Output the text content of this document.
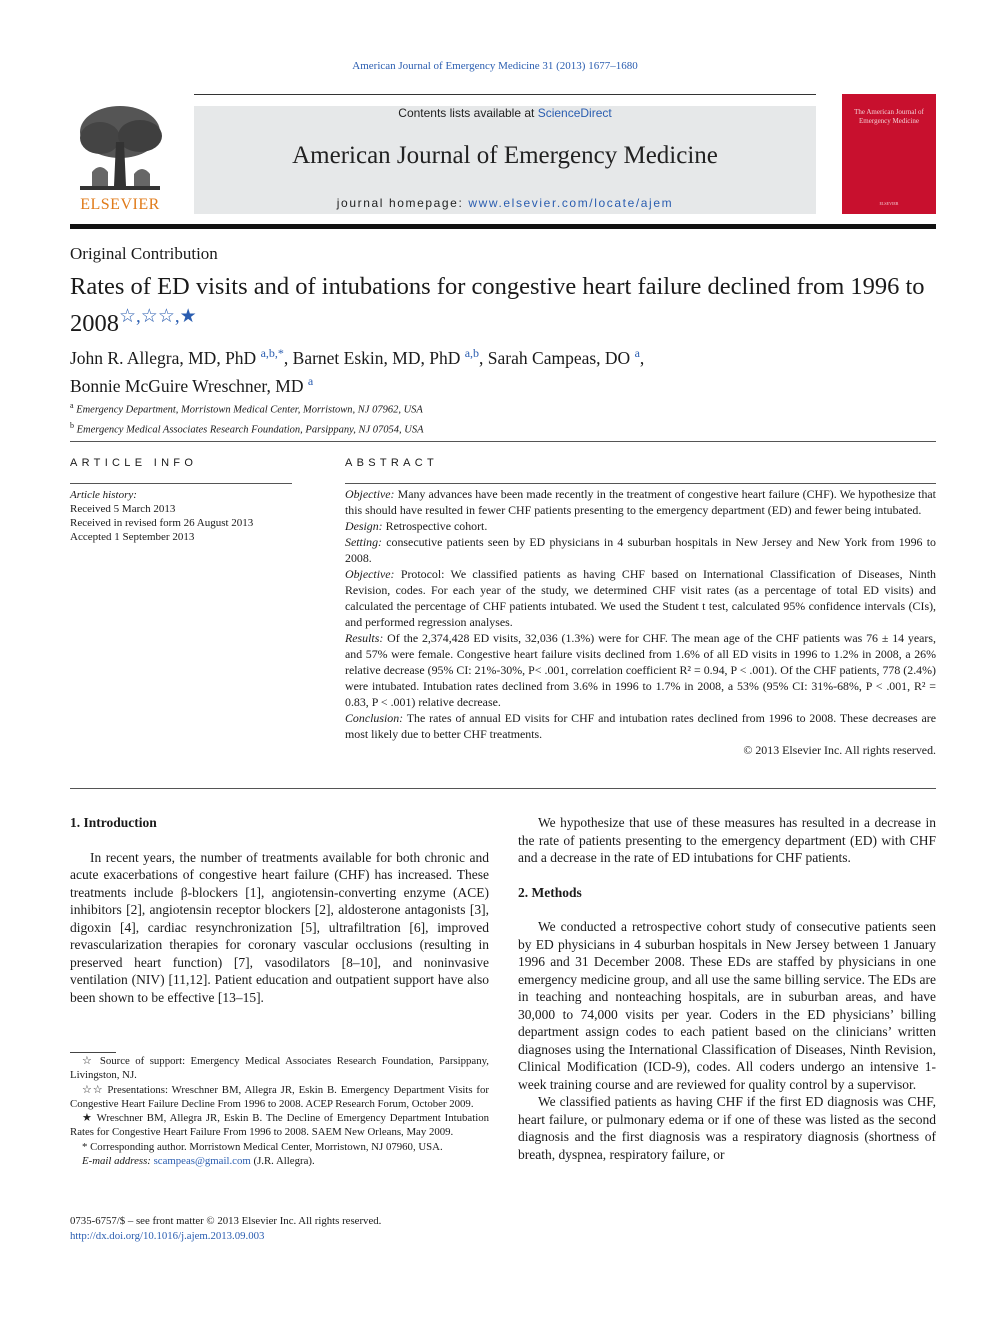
American Journal of Emergency Medicine 31 (2013) 1677–1680
ELSEVIER
Contents lists available at ScienceDirect
American Journal of Emergency Medicine
journal homepage: www.elsevier.com/locate/ajem
The American Journal of Emergency Medicine
ELSEVIER
Original Contribution
Rates of ED visits and of intubations for congestive heart failure declined from 1996 to 2008☆,☆☆,★
John R. Allegra, MD, PhD $^{a,b,*}$, Barnet Eskin, MD, PhD $^{a,b}$, Sarah Campeas, DO $^a$,
Bonnie McGuire Wreschner, MD $^a$
$^a$ Emergency Department, Morristown Medical Center, Morristown, NJ 07962, USA
$^b$ Emergency Medical Associates Research Foundation, Parsippany, NJ 07054, USA
ARTICLE INFO
Article history:
Received 5 March 2013
Received in revised form 26 August 2013
Accepted 1 September 2013
ABSTRACT

Objective: Many advances have been made recently in the treatment of congestive heart failure (CHF). We hypothesize that this should have resulted in fewer CHF patients presenting to the emergency department (ED) and fewer being intubated.

Design: Retrospective cohort.

Setting: consecutive patients seen by ED physicians in 4 suburban hospitals in New Jersey and New York from 1996 to 2008.

Objective: Protocol: We classified patients as having CHF based on International Classification of Diseases, Ninth Revision, codes. For each year of the study, we determined CHF visit rates (as a percentage of total ED visits) and calculated the percentage of CHF patients intubated. We used the Student t test, calculated 95% confidence intervals (CIs), and performed regression analyses.

Results: Of the 2,374,428 ED visits, 32,036 (1.3%) were for CHF. The mean age of the CHF patients was 76 ± 14 years, and 57% were female. Congestive heart failure visits declined from 1.6% of all ED visits in 1996 to 1.2% in 2008, a 26% relative decrease (95% CI: 21%-30%, P< .001, correlation coefficient R² = 0.94, P < .001). Of the CHF patients, 778 (2.4%) were intubated. Intubation rates declined from 3.6% in 1996 to 1.7% in 2008, a 53% (95% CI: 31%-68%, P < .001, R² = 0.83, P < .001) relative decrease.

Conclusion: The rates of annual ED visits for CHF and intubation rates declined from 1996 to 2008. These decreases are most likely due to better CHF treatments.

© 2013 Elsevier Inc. All rights reserved.

1. Introduction

In recent years, the number of treatments available for both chronic and acute exacerbations of congestive heart failure (CHF) has increased. These treatments include β-blockers [1], angiotensin-converting enzyme (ACE) inhibitors [2], angiotensin receptor blockers [2], aldosterone antagonists [3], digoxin [4], cardiac resynchronization [5], ultrafiltration [6], improved revascularization therapies for coronary vascular occlusions (resulting in preserved heart function) [7], vasodilators [8–10], and noninvasive ventilation (NIV) [11,12]. Patient education and outpatient support have also been shown to be effective [13–15].

☆ Source of support: Emergency Medical Associates Research Foundation, Parsippany, Livingston, NJ.

☆☆ Presentations: Wreschner BM, Allegra JR, Eskin B. Emergency Department Visits for Congestive Heart Failure Decline From 1996 to 2008. ACEP Research Forum, October 2009.

★ Wreschner BM, Allegra JR, Eskin B. The Decline of Emergency Department Intubation Rates for Congestive Heart Failure From 1996 to 2008. SAEM New Orleans, May 2009.

* Corresponding author. Morristown Medical Center, Morristown, NJ 07960, USA.

E-mail address: scampeas@gmail.com (J.R. Allegra).

0735-6757/$ – see front matter © 2013 Elsevier Inc. All rights reserved.
http://dx.doi.org/10.1016/j.ajem.2013.09.003

We hypothesize that use of these measures has resulted in a decrease in the rate of patients presenting to the emergency department (ED) with CHF and a decrease in the rate of ED intubations for CHF patients.

2. Methods

We conducted a retrospective cohort study of consecutive patients seen by ED physicians in 4 suburban hospitals in New Jersey between 1 January 1996 and 31 December 2008. These EDs are staffed by physicians in one emergency medicine group, and all use the same billing service. The EDs are in teaching and nonteaching hospitals, are in suburban areas, and have 30,000 to 74,000 visits per year. Coders in the ED physicians’ billing department assign codes to each patient based on the clinicians’ written diagnoses using the International Classification of Diseases, Ninth Revision, Clinical Modification (ICD-9), codes. All coders undergo an intensive 1-week training course and are reviewed for quality control by a supervisor.

We classified patients as having CHF if the first ED diagnosis was CHF, heart failure, or pulmonary edema or if one of these was listed as the second diagnosis and the first diagnosis was a respiratory diagnosis (shortness of breath, dyspnea, respiratory failure, or
